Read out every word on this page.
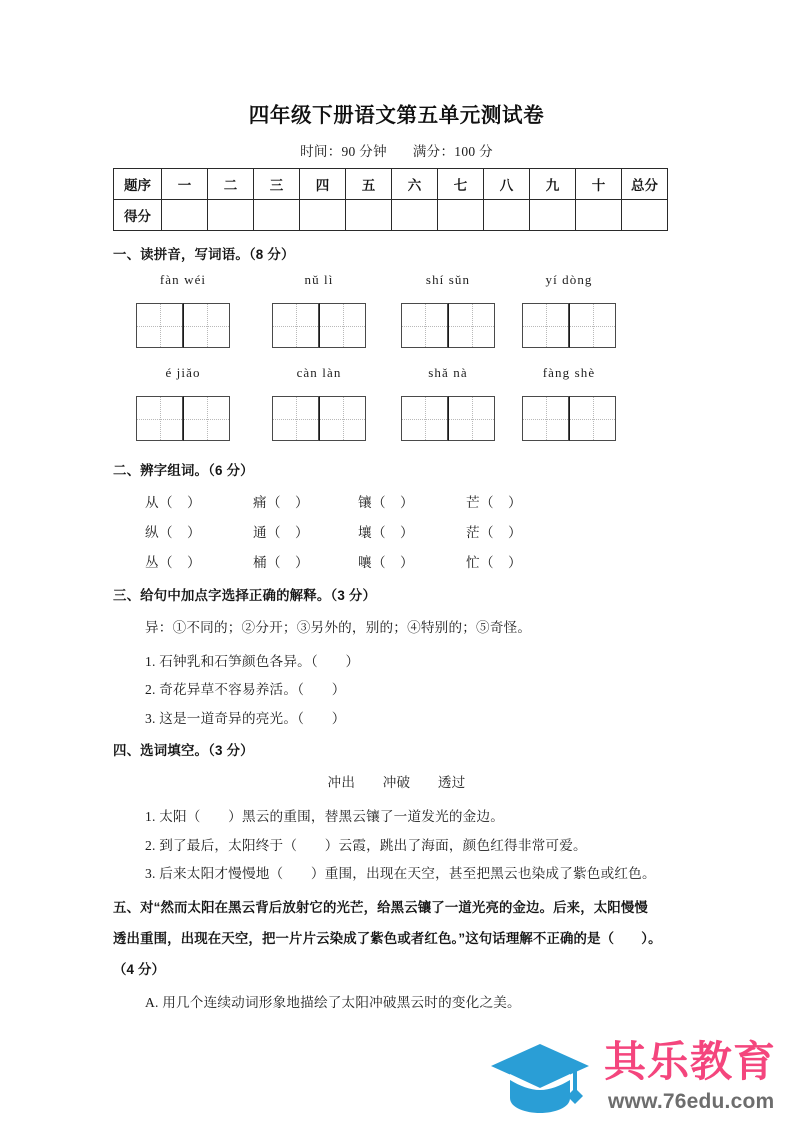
四年级下册语文第五单元测试卷
时间：90 分钟 满分：100 分
题序	一	二	三	四	五	六	七	八	九	十	总分
得分											
一、读拼音，写词语。（8 分）
fàn wéi	nǔ lì	shí sǔn	yí dòng
é jiǎo	càn làn	shǎ nà	fàng shè
二、辨字组词。（6 分）
从（　）	痛（　）	镶（　）	芒（　）
纵（　）	通（　）	壤（　）	茫（　）
丛（　）	桶（　）	嚷（　）	忙（　）
三、给句中加点字选择正确的解释。（3 分）
异：①不同的；②分开；③另外的，别的；④特别的；⑤奇怪。
1. 石钟乳和石笋颜色各异。（　　）
2. 奇花异草不容易养活。（　　）
3. 这是一道奇异的亮光。（　　）
四、选词填空。（3 分）
冲出　　冲破　　透过
1. 太阳（　　）黑云的重围，替黑云镶了一道发光的金边。
2. 到了最后，太阳终于（　　）云霞，跳出了海面，颜色红得非常可爱。
3. 后来太阳才慢慢地（　　）重围，出现在天空，甚至把黑云也染成了紫色或红色。
五、对“然而太阳在黑云背后放射它的光芒，给黑云镶了一道光亮的金边。后来，太阳慢慢
透出重围，出现在天空，把一片片云染成了紫色或者红色。”这句话理解不正确的是（　　）。
（4 分）
A. 用几个连续动词形象地描绘了太阳冲破黑云时的变化之美。
其乐教育
www.76edu.com
